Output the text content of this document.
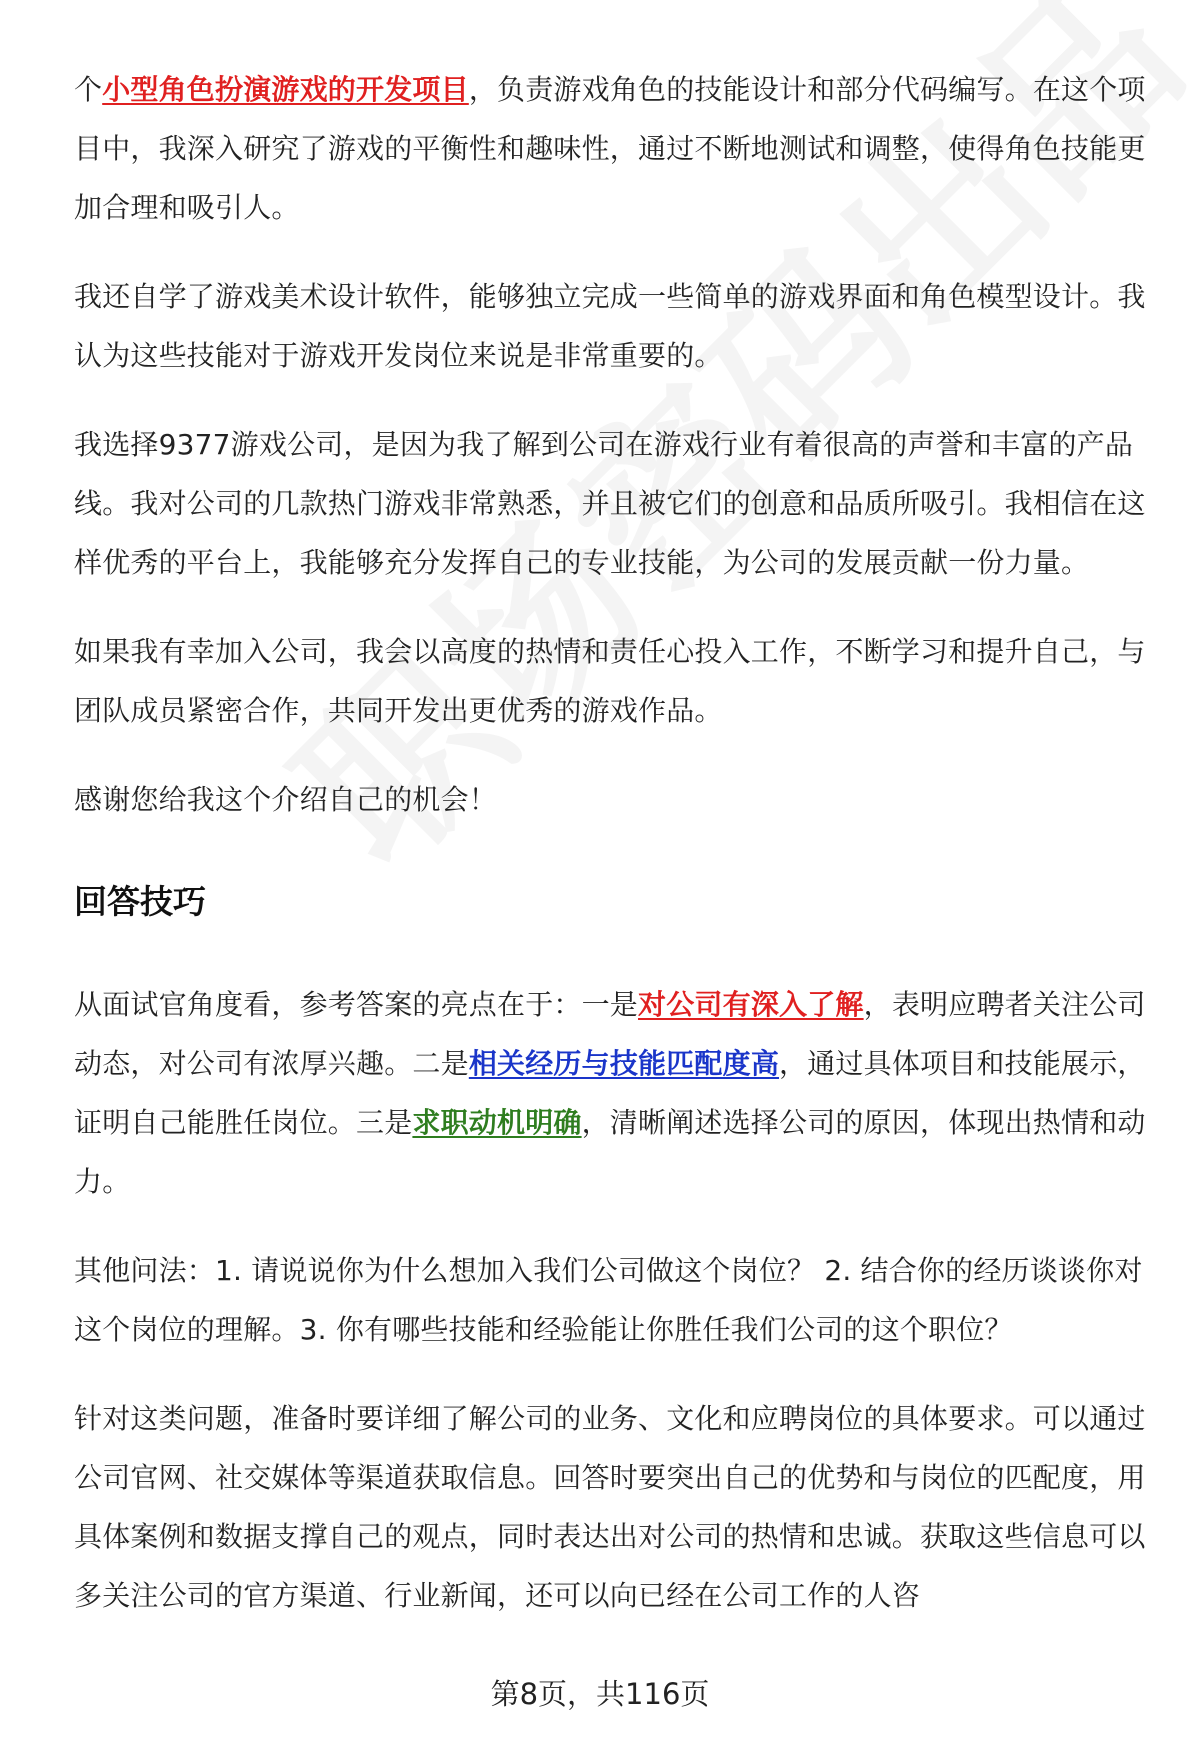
个小型角色扮演游戏的开发项目，负责游戏角色的技能设计和部分代码编写。在这个项目中，我深入研究了游戏的平衡性和趣味性，通过不断地测试和调整，使得角色技能更加合理和吸引人。

我还自学了游戏美术设计软件，能够独立完成一些简单的游戏界面和角色模型设计。我认为这些技能对于游戏开发岗位来说是非常重要的。

我选择9377游戏公司，是因为我了解到公司在游戏行业有着很高的声誉和丰富的产品线。我对公司的几款热门游戏非常熟悉，并且被它们的创意和品质所吸引。我相信在这样优秀的平台上，我能够充分发挥自己的专业技能，为公司的发展贡献一份力量。

如果我有幸加入公司，我会以高度的热情和责任心投入工作，不断学习和提升自己，与团队成员紧密合作，共同开发出更优秀的游戏作品。

感谢您给我这个介绍自己的机会！

回答技巧

从面试官角度看，参考答案的亮点在于：一是对公司有深入了解，表明应聘者关注公司动态，对公司有浓厚兴趣。二是相关经历与技能匹配度高，通过具体项目和技能展示，证明自己能胜任岗位。三是求职动机明确，清晰阐述选择公司的原因，体现出热情和动力。

其他问法：1. 请说说你为什么想加入我们公司做这个岗位？ 2. 结合你的经历谈谈你对这个岗位的理解。3. 你有哪些技能和经验能让你胜任我们公司的这个职位？

针对这类问题，准备时要详细了解公司的业务、文化和应聘岗位的具体要求。可以通过公司官网、社交媒体等渠道获取信息。回答时要突出自己的优势和与岗位的匹配度，用具体案例和数据支撑自己的观点，同时表达出对公司的热情和忠诚。获取这些信息可以多关注公司的官方渠道、行业新闻，还可以向已经在公司工作的人咨

第8页，共116页
